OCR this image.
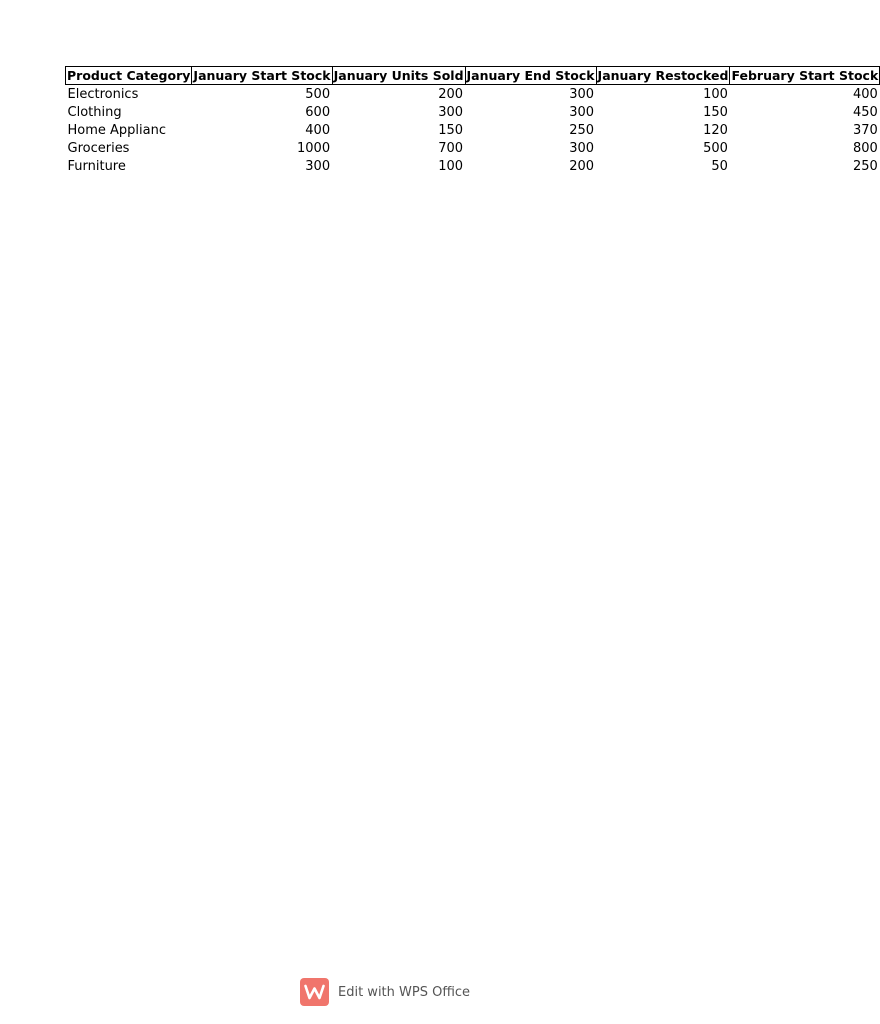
Product Category	January Start Stock	January Units Sold	January End Stock	January Restocked	February Start Stock
Electronics	500	200	300	100	400
Clothing	600	300	300	150	450
Home Applianc	400	150	250	120	370
Groceries	1000	700	300	500	800
Furniture	300	100	200	50	250
Edit with WPS Office
